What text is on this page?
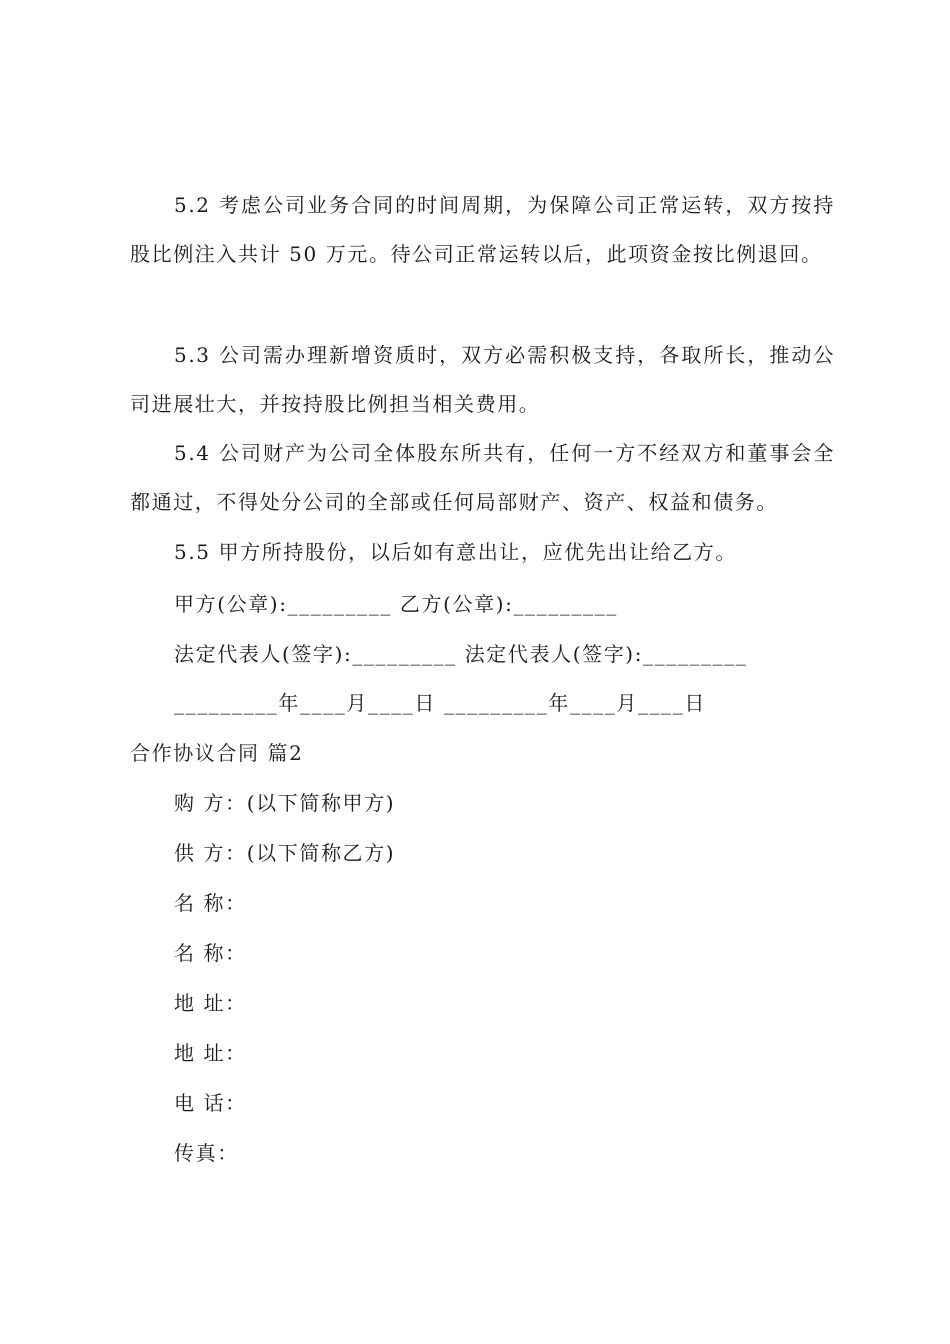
5.2 考虑公司业务合同的时间周期，为保障公司正常运转，双方按持股比例注入共计 50 万元。待公司正常运转以后，此项资金按比例退回。

5.3 公司需办理新增资质时，双方必需积极支持，各取所长，推动公司进展壮大，并按持股比例担当相关费用。

5.4 公司财产为公司全体股东所共有，任何一方不经双方和董事会全都通过，不得处分公司的全部或任何局部财产、资产、权益和债务。

5.5 甲方所持股份，以后如有意出让，应优先出让给乙方。

甲方(公章):_________ 乙方(公章):_________

法定代表人(签字):_________ 法定代表人(签字):_________

_________年____月____日 _________年____月____日

合作协议合同 篇2

购 方：(以下简称甲方)

供 方：(以下简称乙方)

名 称：

名 称：

地 址：

地 址：

电 话：

传真：
